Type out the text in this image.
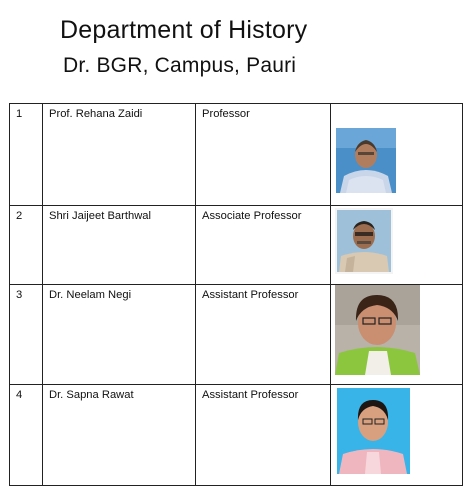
Department of History
Dr. BGR, Campus, Pauri
1	Prof. Rehana Zaidi	Professor	

2	Shri Jaijeet Barthwal	Associate Professor	

3	Dr. Neelam Negi	Assistant Professor	

4	Dr. Sapna Rawat	Assistant Professor	
